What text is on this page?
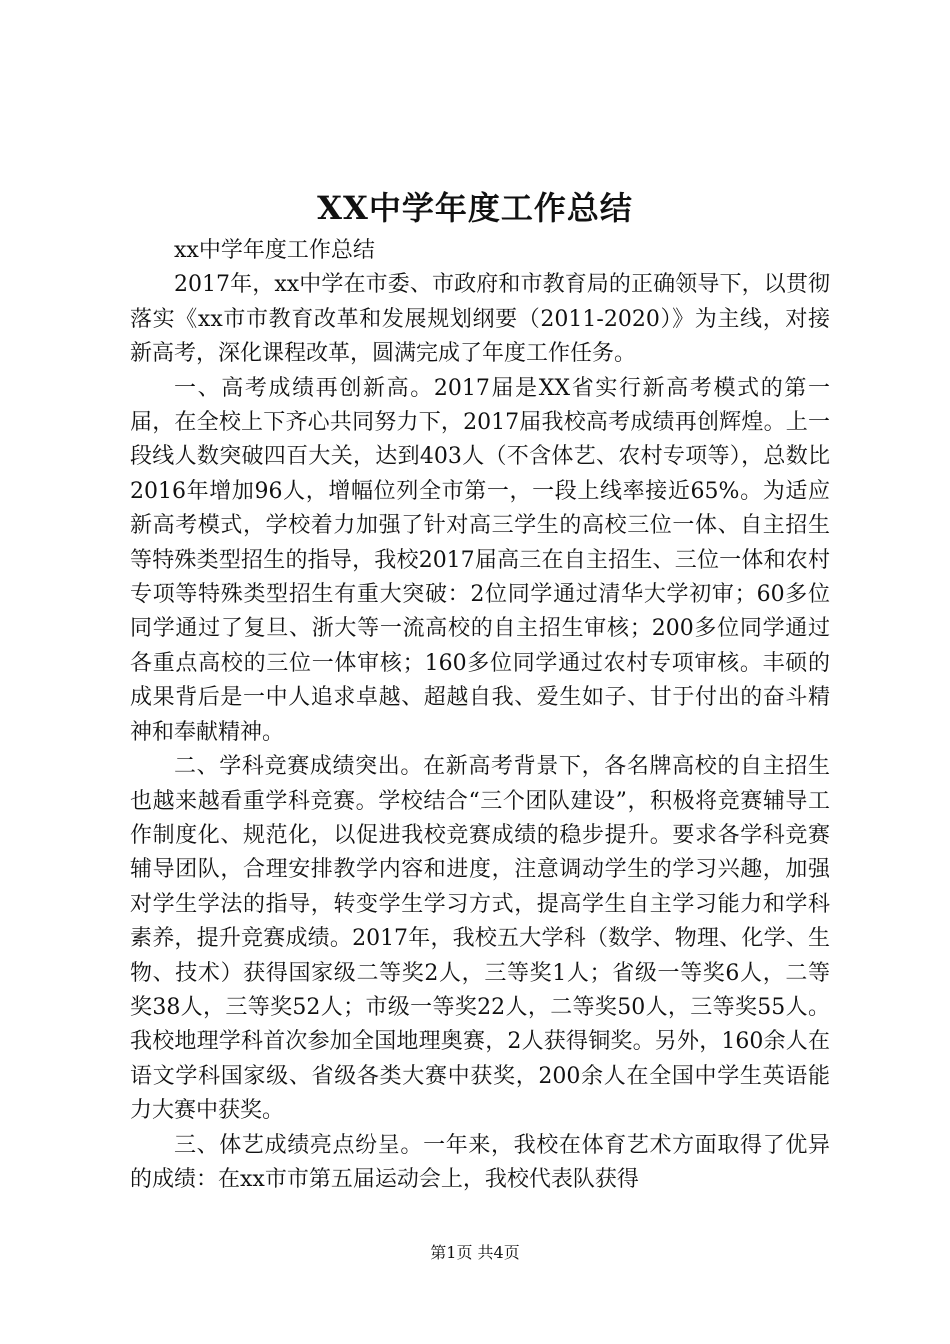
XX中学年度工作总结

xx中学年度工作总结

2017年，xx中学在市委、市政府和市教育局的正确领导下，以贯彻落实《xx市市教育改革和发展规划纲要（2011-2020）》为主线，对接新高考，深化课程改革，圆满完成了年度工作任务。

一、高考成绩再创新高。2017届是XX省实行新高考模式的第一届，在全校上下齐心共同努力下，2017届我校高考成绩再创辉煌。上一段线人数突破四百大关，达到403人（不含体艺、农村专项等），总数比2016年增加96人，增幅位列全市第一，一段上线率接近65%。为适应新高考模式，学校着力加强了针对高三学生的高校三位一体、自主招生等特殊类型招生的指导，我校2017届高三在自主招生、三位一体和农村专项等特殊类型招生有重大突破：2位同学通过清华大学初审；60多位同学通过了复旦、浙大等一流高校的自主招生审核；200多位同学通过各重点高校的三位一体审核；160多位同学通过农村专项审核。丰硕的成果背后是一中人追求卓越、超越自我、爱生如子、甘于付出的奋斗精神和奉献精神。

二、学科竞赛成绩突出。在新高考背景下，各名牌高校的自主招生也越来越看重学科竞赛。学校结合“三个团队建设”，积极将竞赛辅导工作制度化、规范化，以促进我校竞赛成绩的稳步提升。要求各学科竞赛辅导团队，合理安排教学内容和进度，注意调动学生的学习兴趣，加强对学生学法的指导，转变学生学习方式，提高学生自主学习能力和学科素养，提升竞赛成绩。2017年，我校五大学科（数学、物理、化学、生物、技术）获得国家级二等奖2人，三等奖1人；省级一等奖6人，二等奖38人，三等奖52人；市级一等奖22人，二等奖50人，三等奖55人。我校地理学科首次参加全国地理奥赛，2人获得铜奖。另外，160余人在语文学科国家级、省级各类大赛中获奖，200余人在全国中学生英语能力大赛中获奖。

三、体艺成绩亮点纷呈。一年来，我校在体育艺术方面取得了优异的成绩：在xx市市第五届运动会上，我校代表队获得

第1页 共4页
